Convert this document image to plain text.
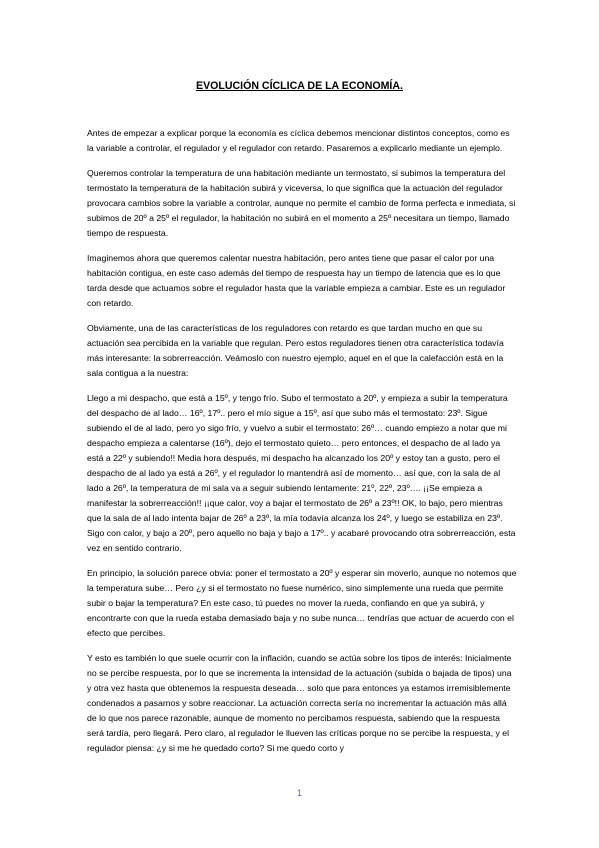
EVOLUCIÓN CÍCLICA DE LA ECONOMÍA.

Antes de empezar a explicar porque la economía es cíclica debemos mencionar distintos conceptos, como es la variable a controlar, el regulador y el regulador con retardo. Pasaremos a explicarlo mediante un ejemplo.

Queremos controlar la temperatura de una habitación mediante un termostato, si subimos la temperatura del termostato la temperatura de la habitación subirá y viceversa, lo que significa que la actuación del regulador provocara cambios sobre la variable a controlar, aunque no permite el cambio de forma perfecta e inmediata, si subimos de 20º a 25º el regulador, la habitación no subirá en el momento a 25º necesitara un tiempo, llamado tiempo de respuesta.

Imaginemos ahora que queremos calentar nuestra habitación, pero antes tiene que pasar el calor por una habitación contigua, en este caso además del tiempo de respuesta hay un tiempo de latencia que es lo que tarda desde que actuamos sobre el regulador hasta que la variable empieza a cambiar. Este es un regulador con retardo.

Obviamente, una de las características de los reguladores con retardo es que tardan mucho en que su actuación sea percibida en la variable que regulan. Pero estos reguladores tienen otra característica todavía más interesante: la sobrerreacción. Veámoslo con nuestro ejemplo, aquel en el que la calefacción está en la sala contigua a la nuestra:

Llego a mi despacho, que está a 15º, y tengo frío. Subo el termostato a 20º, y empieza a subir la temperatura del despacho de al lado… 16º, 17º.. pero el mío sigue a 15º, así que subo más el termostato: 23º. Sigue subiendo el de al lado, pero yo sigo frío, y vuelvo a subir el termostato: 26º… cuando empiezo a notar que mi despacho empieza a calentarse (16º), dejo el termostato quieto… pero entonces, el despacho de al lado ya está a 22º y subiendo!! Media hora después, mi despacho ha alcanzado los 20º y estoy tan a gusto, pero el despacho de al lado ya está a 26º, y el regulador lo mantendrá así de momento… así que, con la sala de al lado a 26º, la temperatura de mi sala va a seguir subiendo lentamente: 21º, 22º, 23º…. ¡¡Se empieza a manifestar la sobrerreacción!! ¡¡que calor, voy a bajar el termostato de 26º a 23º!! OK, lo bajo, pero mientras que la sala de al lado intenta bajar de 26º a 23º, la mía todavía alcanza los 24º, y luego se estabiliza en 23º. Sigo con calor, y bajo a 20º, pero aquello no baja y bajo a 17º.. y acabaré provocando otra sobrerreacción, esta vez en sentido contrario.

En principio, la solución parece obvia: poner el termostato a 20º y esperar sin moverlo, aunque no notemos que la temperatura sube… Pero ¿y si el termostato no fuese numérico, sino simplemente una rueda que permite subir o bajar la temperatura? En este caso, tú puedes no mover la rueda, confiando en que ya subirá, y encontrarte con que la rueda estaba demasiado baja y no sube nunca… tendrías que actuar de acuerdo con el efecto que percibes.

Y esto es también lo que suele ocurrir con la inflación, cuando se actúa sobre los tipos de interés: Inicialmente no se percibe respuesta, por lo que se incrementa la intensidad de la actuación (subida o bajada de tipos) una y otra vez hasta que obtenemos la respuesta deseada… solo que para entonces ya estamos irremisiblemente condenados a pasarnos y sobre reaccionar. La actuación correcta sería no incrementar la actuación más allá de lo que nos parece razonable, aunque de momento no percibamos respuesta, sabiendo que la respuesta será tardía, pero llegará. Pero claro, al regulador le llueven las críticas porque no se percibe la respuesta, y el regulador piensa: ¿y si me he quedado corto? Si me quedo corto y

1
